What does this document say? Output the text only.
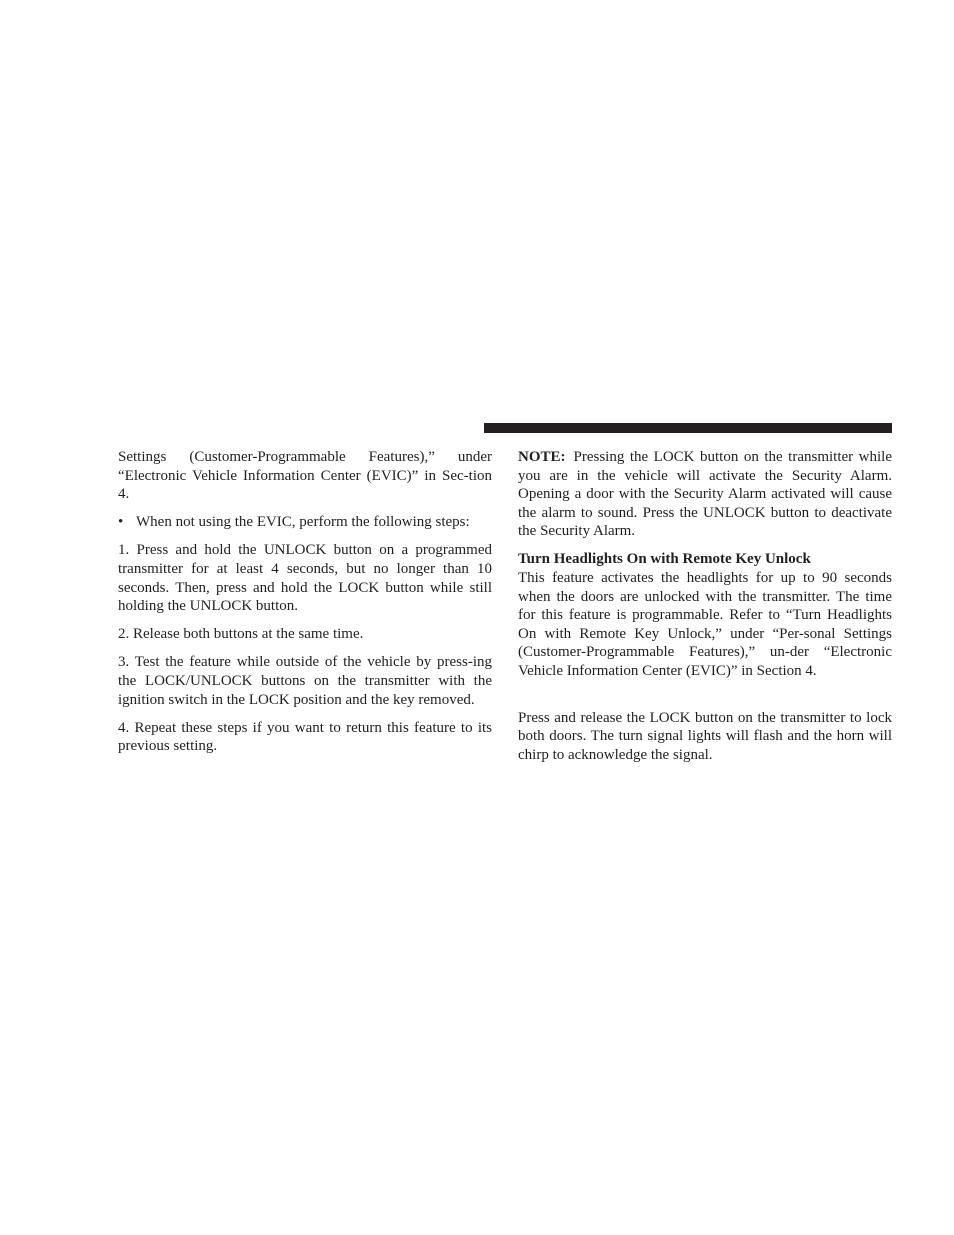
Settings (Customer-Programmable Features),” under “Electronic Vehicle Information Center (EVIC)” in Sec-tion 4.

• When not using the EVIC, perform the following steps:

1. Press and hold the UNLOCK button on a programmed transmitter for at least 4 seconds, but no longer than 10 seconds. Then, press and hold the LOCK button while still holding the UNLOCK button.

2. Release both buttons at the same time.

3. Test the feature while outside of the vehicle by press-ing the LOCK/UNLOCK buttons on the transmitter with the ignition switch in the LOCK position and the key removed.

4. Repeat these steps if you want to return this feature to its previous setting.

NOTE: Pressing the LOCK button on the transmitter while you are in the vehicle will activate the Security Alarm. Opening a door with the Security Alarm activated will cause the alarm to sound. Press the UNLOCK button to deactivate the Security Alarm.

Turn Headlights On with Remote Key Unlock

This feature activates the headlights for up to 90 seconds when the doors are unlocked with the transmitter. The time for this feature is programmable. Refer to “Turn Headlights On with Remote Key Unlock,” under “Per-sonal Settings (Customer-Programmable Features),” un-der “Electronic Vehicle Information Center (EVIC)” in Section 4.

Press and release the LOCK button on the transmitter to lock both doors. The turn signal lights will flash and the horn will chirp to acknowledge the signal.
